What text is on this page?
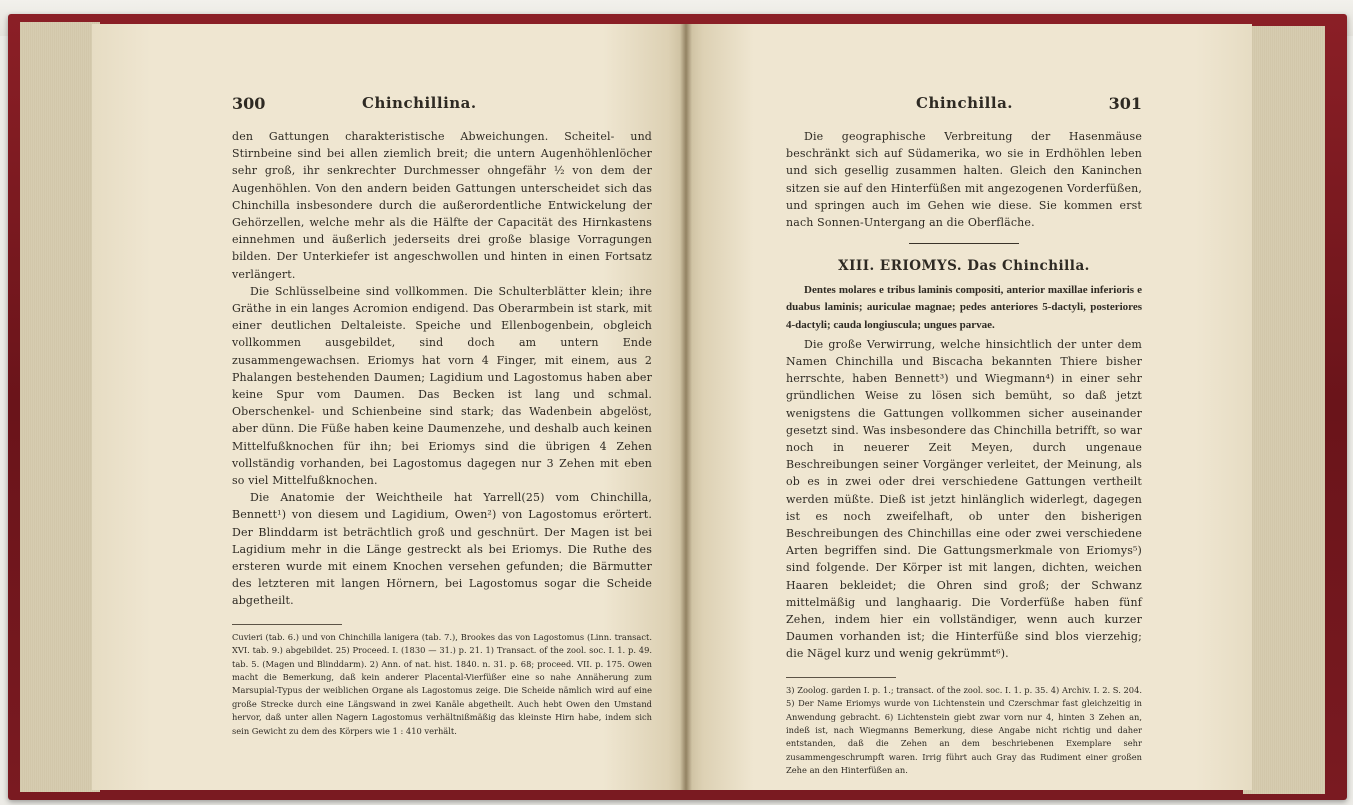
300	Chinchillina.

den Gattungen charakteristische Abweichungen. Scheitel- und Stirnbeine sind bei allen ziemlich breit; die untern Augenhöhlenlöcher sehr groß, ihr senkrechter Durchmesser ohngefähr ½ von dem der Augenhöhlen. Von den andern beiden Gattungen unterscheidet sich das Chinchilla insbesondere durch die außerordentliche Entwickelung der Gehörzellen, welche mehr als die Hälfte der Capacität des Hirnkastens einnehmen und äußerlich jederseits drei große blasige Vorragungen bilden. Der Unterkiefer ist angeschwollen und hinten in einen Fortsatz verlängert.

Die Schlüsselbeine sind vollkommen. Die Schulterblätter klein; ihre Gräthe in ein langes Acromion endigend. Das Oberarmbein ist stark, mit einer deutlichen Deltaleiste. Speiche und Ellenbogenbein, obgleich vollkommen ausgebildet, sind doch am untern Ende zusammengewachsen. Eriomys hat vorn 4 Finger, mit einem, aus 2 Phalangen bestehenden Daumen; Lagidium und Lagostomus haben aber keine Spur vom Daumen. Das Becken ist lang und schmal. Oberschenkel- und Schienbeine sind stark; das Wadenbein abgelöst, aber dünn. Die Füße haben keine Daumenzehe, und deshalb auch keinen Mittelfußknochen für ihn; bei Eriomys sind die übrigen 4 Zehen vollständig vorhanden, bei Lagostomus dagegen nur 3 Zehen mit eben so viel Mittelfußknochen.

Die Anatomie der Weichtheile hat Yarrell(25) vom Chinchilla, Bennett¹) von diesem und Lagidium, Owen²) von Lagostomus erörtert. Der Blinddarm ist beträchtlich groß und geschnürt. Der Magen ist bei Lagidium mehr in die Länge gestreckt als bei Eriomys. Die Ruthe des ersteren wurde mit einem Knochen versehen gefunden; die Bärmutter des letzteren mit langen Hörnern, bei Lagostomus sogar die Scheide abgetheilt.

Cuvieri (tab. 6.) und von Chinchilla lanigera (tab. 7.), Brookes das von Lagostomus (Linn. transact. XVI. tab. 9.) abgebildet. 25) Proceed. I. (1830 — 31.) p. 21. 1) Transact. of the zool. soc. I. 1. p. 49. tab. 5. (Magen und Blinddarm). 2) Ann. of nat. hist. 1840. n. 31. p. 68; proceed. VII. p. 175. Owen macht die Bemerkung, daß kein anderer Placental-Vierfüßer eine so nahe Annäherung zum Marsupial-Typus der weiblichen Organe als Lagostomus zeige. Die Scheide nämlich wird auf eine große Strecke durch eine Längswand in zwei Kanäle abgetheilt. Auch hebt Owen den Umstand hervor, daß unter allen Nagern Lagostomus verhältnißmäßig das kleinste Hirn habe, indem sich sein Gewicht zu dem des Körpers wie 1 : 410 verhält.

Chinchilla.	301

Die geographische Verbreitung der Hasenmäuse beschränkt sich auf Südamerika, wo sie in Erdhöhlen leben und sich gesellig zusammen halten. Gleich den Kaninchen sitzen sie auf den Hinterfüßen mit angezogenen Vorderfüßen, und springen auch im Gehen wie diese. Sie kommen erst nach Sonnen-Untergang an die Oberfläche.

XIII. ERIOMYS. Das Chinchilla.

Dentes molares e tribus laminis compositi, anterior maxillae inferioris e duabus laminis; auriculae magnae; pedes anteriores 5-dactyli, posteriores 4-dactyli; cauda longiuscula; ungues parvae.

Die große Verwirrung, welche hinsichtlich der unter dem Namen Chinchilla und Biscacha bekannten Thiere bisher herrschte, haben Bennett³) und Wiegmann⁴) in einer sehr gründlichen Weise zu lösen sich bemüht, so daß jetzt wenigstens die Gattungen vollkommen sicher auseinander gesetzt sind. Was insbesondere das Chinchilla betrifft, so war noch in neuerer Zeit Meyen, durch ungenaue Beschreibungen seiner Vorgänger verleitet, der Meinung, als ob es in zwei oder drei verschiedene Gattungen vertheilt werden müßte. Dieß ist jetzt hinlänglich widerlegt, dagegen ist es noch zweifelhaft, ob unter den bisherigen Beschreibungen des Chinchillas eine oder zwei verschiedene Arten begriffen sind. Die Gattungsmerkmale von Eriomys⁵) sind folgende. Der Körper ist mit langen, dichten, weichen Haaren bekleidet; die Ohren sind groß; der Schwanz mittelmäßig und langhaarig. Die Vorderfüße haben fünf Zehen, indem hier ein vollständiger, wenn auch kurzer Daumen vorhanden ist; die Hinterfüße sind blos vierzehig; die Nägel kurz und wenig gekrümmt⁶).

3) Zoolog. garden I. p. 1.; transact. of the zool. soc. I. 1. p. 35. 4) Archiv. I. 2. S. 204. 5) Der Name Eriomys wurde von Lichtenstein und Czerschmar fast gleichzeitig in Anwendung gebracht. 6) Lichtenstein giebt zwar vorn nur 4, hinten 3 Zehen an, indeß ist, nach Wiegmanns Bemerkung, diese Angabe nicht richtig und daher entstanden, daß die Zehen an dem beschriebenen Exemplare sehr zusammengeschrumpft waren. Irrig führt auch Gray das Rudiment einer großen Zehe an den Hinterfüßen an.
